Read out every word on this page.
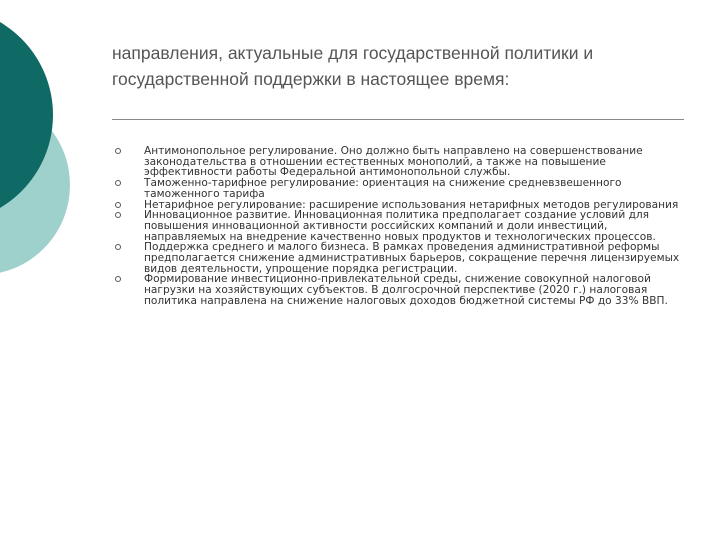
направления, актуальные для государственной политики и государственной поддержки в настоящее время:
Антимонопольное регулирование. Оно должно быть направлено на совершенствование законодательства в отношении естественных монополий, а также на повышение эффективности работы Федеральной антимонопольной службы.
Таможенно-тарифное регулирование: ориентация на снижение средневзвешенного таможенного тарифа
Нетарифное регулирование: расширение использования нетарифных методов регулирования
Инновационное развитие. Инновационная политика предполагает создание условий для повышения инновационной активности российских компаний и доли инвестиций, направляемых на внедрение качественно новых продуктов и технологических процессов.
Поддержка среднего и малого бизнеса. В рамках проведения административной реформы предполагается снижение административных барьеров, сокращение перечня лицензируемых видов деятельности, упрощение порядка регистрации.
Формирование инвестиционно-привлекательной среды, снижение совокупной налоговой нагрузки на хозяйствующих субъектов. В долгосрочной перспективе (2020 г.) налоговая политика направлена на снижение налоговых доходов бюджетной системы РФ до 33% ВВП.
